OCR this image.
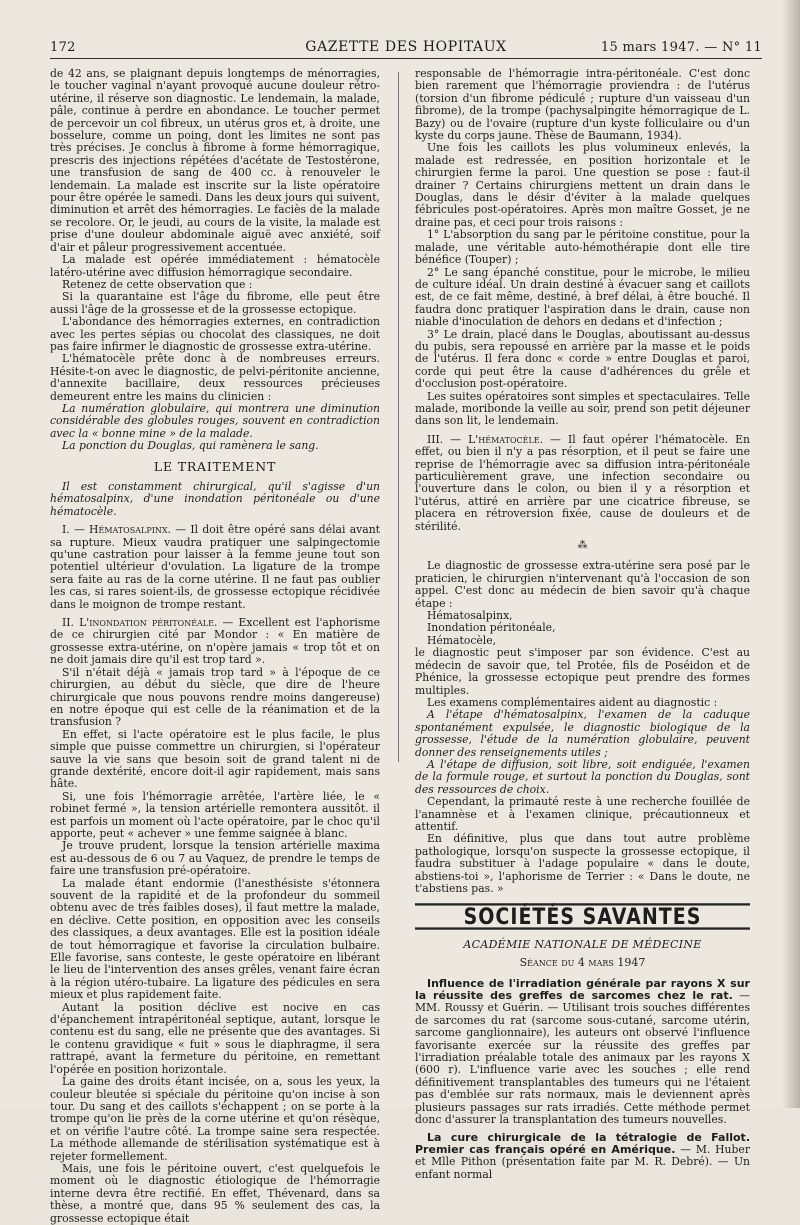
172	GAZETTE DES HOPITAUX	15 mars 1947. — N° 11

de 42 ans, se plaignant depuis longtemps de ménorragies, le toucher vaginal n'ayant provoqué aucune douleur rétro-utérine, il réserve son diagnostic. Le lendemain, la malade, pâle, continue à perdre en abondance. Le toucher permet de percevoir un col fibreux, un utérus gros et, à droite, une bosselure, comme un poing, dont les limites ne sont pas très précises. Je conclus à fibrome à forme hémorragique, prescris des injections répétées d'acétate de Testostérone, une transfusion de sang de 400 cc. à renouveler le lendemain. La malade est inscrite sur la liste opératoire pour être opérée le samedi. Dans les deux jours qui suivent, diminution et arrêt des hémorragies. Le faciès de la malade se recolore. Or, le jeudi, au cours de la visite, la malade est prise d'une douleur abdominale aiguë avec anxiété, soif d'air et pâleur progressivement accentuée.

La malade est opérée immédiatement : hématocèle latéro-utérine avec diffusion hémorragique secondaire.

Retenez de cette observation que :

Si la quarantaine est l'âge du fibrome, elle peut être aussi l'âge de la grossesse et de la grossesse ectopique.

L'abondance des hémorragies externes, en contradiction avec les pertes sépias ou chocolat des classiques, ne doit pas faire infirmer le diagnostic de grossesse extra-utérine.

L'hématocèle prête donc à de nombreuses erreurs. Hésite-t-on avec le diagnostic, de pelvi-péritonite ancienne, d'annexite bacillaire, deux ressources précieuses demeurent entre les mains du clinicien :

La numération globulaire, qui montrera une diminution considérable des globules rouges, souvent en contradiction avec la « bonne mine » de la malade.

La ponction du Douglas, qui ramènera le sang.

LE TRAITEMENT

Il est constamment chirurgical, qu'il s'agisse d'un hématosalpinx, d'une inondation péritonéale ou d'une hématocèle.

I. — Hématosalpinx. — Il doit être opéré sans délai avant sa rupture. Mieux vaudra pratiquer une salpingectomie qu'une castration pour laisser à la femme jeune tout son potentiel ultérieur d'ovulation. La ligature de la trompe sera faite au ras de la corne utérine. Il ne faut pas oublier les cas, si rares soient-ils, de grossesse ectopique récidivée dans le moignon de trompe restant.

II. L'inondation péritonéale. — Excellent est l'aphorisme de ce chirurgien cité par Mondor : « En matière de grossesse extra-utérine, on n'opère jamais « trop tôt et on ne doit jamais dire qu'il est trop tard ».

S'il n'était déjà « jamais trop tard » à l'époque de ce chirurgien, au début du siècle, que dire de l'heure chirurgicale que nous pouvons rendre moins dangereuse) en notre époque qui est celle de la réanimation et de la transfusion ?

En effet, si l'acte opératoire est le plus facile, le plus simple que puisse commettre un chirurgien, si l'opérateur sauve la vie sans que besoin soit de grand talent ni de grande dextérité, encore doit-il agir rapidement, mais sans hâte.

Si, une fois l'hémorragie arrêtée, l'artère liée, le « robinet fermé », la tension artérielle remontera aussitôt. il est parfois un moment où l'acte opératoire, par le choc qu'il apporte, peut « achever » une femme saignée à blanc.

Je trouve prudent, lorsque la tension artérielle maxima est au-dessous de 6 ou 7 au Vaquez, de prendre le temps de faire une transfusion pré-opératoire.

La malade étant endormie (l'anesthésiste s'étonnera souvent de la rapidité et de la profondeur du sommeil obtenu avec de très faibles doses), il faut mettre la malade, en déclive. Cette position, en opposition avec les conseils des classiques, a deux avantages. Elle est la position idéale de tout hémorragique et favorise la circulation bulbaire. Elle favorise, sans conteste, le geste opératoire en libérant le lieu de l'intervention des anses grêles, venant faire écran à la région utéro-tubaire. La ligature des pédicules en sera mieux et plus rapidement faite.

Autant la position déclive est nocive en cas d'épanchement intrapéritonéal septique, autant, lorsque le contenu est du sang, elle ne présente que des avantages. Si le contenu gravidique « fuit » sous le diaphragme, il sera rattrapé, avant la fermeture du péritoine, en remettant l'opérée en position horizontale.

La gaine des droits étant incisée, on a, sous les yeux, la couleur bleutée si spéciale du péritoine qu'on incise à son tour. Du sang et des caillots s'échappent ; on se porte à la trompe qu'on lie près de la corne utérine et qu'on résèque, et on vérifie l'autre côté. La trompe saine sera respectée. La méthode allemande de stérilisation systématique est à rejeter formellement.

Mais, une fois le péritoine ouvert, c'est quelquefois le moment où le diagnostic étiologique de l'hémorragie interne devra être rectifié. En effet, Thévenard, dans sa thèse, a montré que, dans 95 % seulement des cas, la grossesse ectopique était

responsable de l'hémorragie intra-péritonéale. C'est donc bien rarement que l'hémorragie proviendra : de l'utérus (torsion d'un fibrome pédiculé ; rupture d'un vaisseau d'un fibrome), de la trompe (pachysalpingite hémorragique de L. Bazy) ou de l'ovaire (rupture d'un kyste folliculaire ou d'un kyste du corps jaune. Thèse de Baumann, 1934).

Une fois les caillots les plus volumineux enlevés, la malade est redressée, en position horizontale et le chirurgien ferme la paroi. Une question se pose : faut-il drainer ? Certains chirurgiens mettent un drain dans le Douglas, dans le désir d'éviter à la malade quelques fébricules post-opératoires. Après mon maître Gosset, je ne draine pas, et ceci pour trois raisons :

1° L'absorption du sang par le péritoine constitue, pour la malade, une véritable auto-hémothérapie dont elle tire bénéfice (Touper) ;

2° Le sang épanché constitue, pour le microbe, le milieu de culture idéal. Un drain destiné à évacuer sang et caillots est, de ce fait même, destiné, à bref délai, à être bouché. Il faudra donc pratiquer l'aspiration dans le drain, cause non niable d'inoculation de dehors en dedans et d'infection ;

3° Le drain, placé dans le Douglas, aboutissant au-dessus du pubis, sera repoussé en arrière par la masse et le poids de l'utérus. Il fera donc « corde » entre Douglas et paroi, corde qui peut être la cause d'adhérences du grêle et d'occlusion post-opératoire.

Les suites opératoires sont simples et spectaculaires. Telle malade, moribonde la veille au soir, prend son petit déjeuner dans son lit, le lendemain.

III. — L'hématocèle. — Il faut opérer l'hématocèle. En effet, ou bien il n'y a pas résorption, et il peut se faire une reprise de l'hémorragie avec sa diffusion intra-péritonéale particulièrement grave, une infection secondaire ou l'ouverture dans le colon, ou bien il y a résorption et l'utérus, attiré en arrière par une cicatrice fibreuse, se placera en rétroversion fixée, cause de douleurs et de stérilité.

⁂

Le diagnostic de grossesse extra-utérine sera posé par le praticien, le chirurgien n'intervenant qu'à l'occasion de son appel. C'est donc au médecin de bien savoir qu'à chaque étape :

Hématosalpinx,

Inondation péritonéale,

Hématocèle,

le diagnostic peut s'imposer par son évidence. C'est au médecin de savoir que, tel Protée, fils de Poséidon et de Phénice, la grossesse ectopique peut prendre des formes multiples.

Les examens complémentaires aident au diagnostic :

A l'étape d'hématosalpinx, l'examen de la caduque spontanément expulsée, le diagnostic biologique de la grossesse, l'étude de la numération globulaire, peuvent donner des renseignements utiles ;

A l'étape de diffusion, soit libre, soit endiguée, l'examen de la formule rouge, et surtout la ponction du Douglas, sont des ressources de choix.

Cependant, la primauté reste à une recherche fouillée de l'anamnèse et à l'examen clinique, précautionneux et attentif.

En définitive, plus que dans tout autre problème pathologique, lorsqu'on suspecte la grossesse ectopique, il faudra substituer à l'adage populaire « dans le doute, abstiens-toi », l'aphorisme de Terrier : « Dans le doute, ne t'abstiens pas. »

SOCIÉTÉS SAVANTES
ACADÉMIE NATIONALE DE MÉDECINE
Séance du 4 mars 1947

Influence de l'irradiation générale par rayons X sur la réussite des greffes de sarcomes chez le rat. — MM. Roussy et Guérin. — Utilisant trois souches différentes de sarcomes du rat (sarcome sous-cutané, sarcome utérin, sarcome ganglionnaire), les auteurs ont observé l'influence favorisante exercée sur la réussite des greffes par l'irradiation préalable totale des animaux par les rayons X (600 r). L'influence varie avec les souches ; elle rend définitivement transplantables des tumeurs qui ne l'étaient pas d'emblée sur rats normaux, mais le deviennent après plusieurs passages sur rats irradiés. Cette méthode permet donc d'assurer la transplantation des tumeurs nouvelles.

La cure chirurgicale de la tétralogie de Fallot. Premier cas français opéré en Amérique. — M. Huber et Mlle Pithon (présentation faite par M. R. Debré). — Un enfant normal
